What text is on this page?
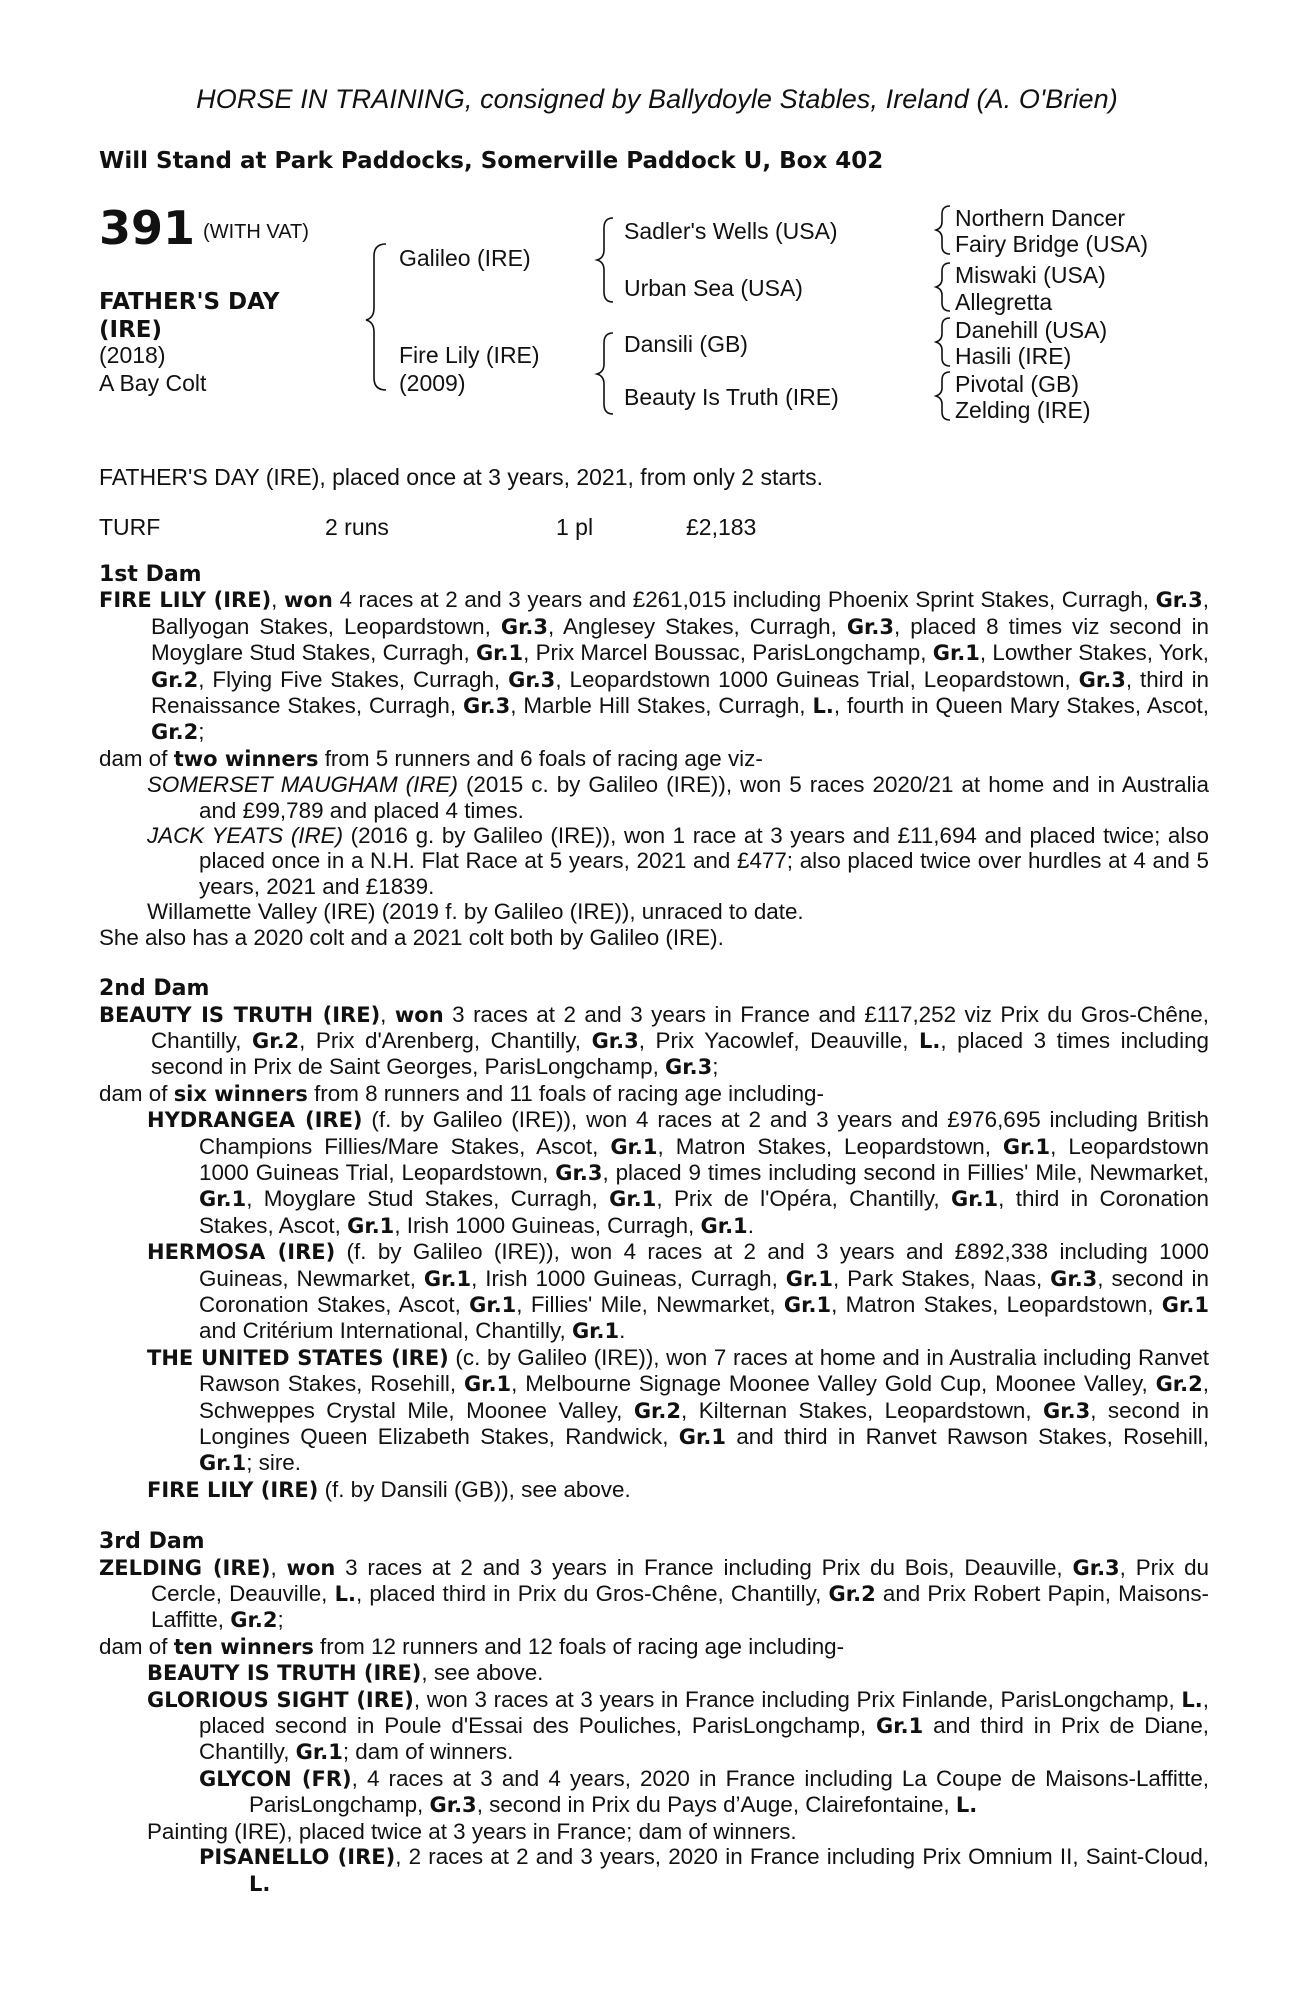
HORSE IN TRAINING, consigned by Ballydoyle Stables, Ireland (A. O'Brien)
Will Stand at Park Paddocks, Somerville Paddock U, Box 402
391 (WITH VAT)
FATHER'S DAY
(IRE)
(2018)
A Bay Colt
Galileo (IRE)
Fire Lily (IRE)
(2009)
Sadler's Wells (USA)
Urban Sea (USA)
Dansili (GB)
Beauty Is Truth (IRE)
Northern Dancer
Fairy Bridge (USA)
Miswaki (USA)
Allegretta
Danehill (USA)
Hasili (IRE)
Pivotal (GB)
Zelding (IRE)
FATHER'S DAY (IRE), placed once at 3 years, 2021, from only 2 starts.
TURF	2 runs	1 pl	£2,183
1st Dam

FIRE LILY (IRE), won 4 races at 2 and 3 years and £261,015 including Phoenix Sprint Stakes, Curragh, Gr.3, Ballyogan Stakes, Leopardstown, Gr.3, Anglesey Stakes, Curragh, Gr.3, placed 8 times viz second in Moyglare Stud Stakes, Curragh, Gr.1, Prix Marcel Boussac, ParisLongchamp, Gr.1, Lowther Stakes, York, Gr.2, Flying Five Stakes, Curragh, Gr.3, Leopardstown 1000 Guineas Trial, Leopardstown, Gr.3, third in Renaissance Stakes, Curragh, Gr.3, Marble Hill Stakes, Curragh, L., fourth in Queen Mary Stakes, Ascot, Gr.2;

dam of two winners from 5 runners and 6 foals of racing age viz-

SOMERSET MAUGHAM (IRE) (2015 c. by Galileo (IRE)), won 5 races 2020/21 at home and in Australia and £99,789 and placed 4 times.

JACK YEATS (IRE) (2016 g. by Galileo (IRE)), won 1 race at 3 years and £11,694 and placed twice; also placed once in a N.H. Flat Race at 5 years, 2021 and £477; also placed twice over hurdles at 4 and 5 years, 2021 and £1839.

Willamette Valley (IRE) (2019 f. by Galileo (IRE)), unraced to date.

She also has a 2020 colt and a 2021 colt both by Galileo (IRE).

2nd Dam

BEAUTY IS TRUTH (IRE), won 3 races at 2 and 3 years in France and £117,252 viz Prix du Gros-Chêne, Chantilly, Gr.2, Prix d'Arenberg, Chantilly, Gr.3, Prix Yacowlef, Deauville, L., placed 3 times including second in Prix de Saint Georges, ParisLongchamp, Gr.3;

dam of six winners from 8 runners and 11 foals of racing age including-

HYDRANGEA (IRE) (f. by Galileo (IRE)), won 4 races at 2 and 3 years and £976,695 including British Champions Fillies/Mare Stakes, Ascot, Gr.1, Matron Stakes, Leopardstown, Gr.1, Leopardstown 1000 Guineas Trial, Leopardstown, Gr.3, placed 9 times including second in Fillies' Mile, Newmarket, Gr.1, Moyglare Stud Stakes, Curragh, Gr.1, Prix de l'Opéra, Chantilly, Gr.1, third in Coronation Stakes, Ascot, Gr.1, Irish 1000 Guineas, Curragh, Gr.1.

HERMOSA (IRE) (f. by Galileo (IRE)), won 4 races at 2 and 3 years and £892,338 including 1000 Guineas, Newmarket, Gr.1, Irish 1000 Guineas, Curragh, Gr.1, Park Stakes, Naas, Gr.3, second in Coronation Stakes, Ascot, Gr.1, Fillies' Mile, Newmarket, Gr.1, Matron Stakes, Leopardstown, Gr.1 and Critérium International, Chantilly, Gr.1.

THE UNITED STATES (IRE) (c. by Galileo (IRE)), won 7 races at home and in Australia including Ranvet Rawson Stakes, Rosehill, Gr.1, Melbourne Signage Moonee Valley Gold Cup, Moonee Valley, Gr.2, Schweppes Crystal Mile, Moonee Valley, Gr.2, Kilternan Stakes, Leopardstown, Gr.3, second in Longines Queen Elizabeth Stakes, Randwick, Gr.1 and third in Ranvet Rawson Stakes, Rosehill, Gr.1; sire.

FIRE LILY (IRE) (f. by Dansili (GB)), see above.

3rd Dam

ZELDING (IRE), won 3 races at 2 and 3 years in France including Prix du Bois, Deauville, Gr.3, Prix du Cercle, Deauville, L., placed third in Prix du Gros-Chêne, Chantilly, Gr.2 and Prix Robert Papin, Maisons-Laffitte, Gr.2;

dam of ten winners from 12 runners and 12 foals of racing age including-

BEAUTY IS TRUTH (IRE), see above.

GLORIOUS SIGHT (IRE), won 3 races at 3 years in France including Prix Finlande, ParisLongchamp, L., placed second in Poule d'Essai des Pouliches, ParisLongchamp, Gr.1 and third in Prix de Diane, Chantilly, Gr.1; dam of winners.

GLYCON (FR), 4 races at 3 and 4 years, 2020 in France including La Coupe de Maisons-Laffitte, ParisLongchamp, Gr.3, second in Prix du Pays d’Auge, Clairefontaine, L.

Painting (IRE), placed twice at 3 years in France; dam of winners.

PISANELLO (IRE), 2 races at 2 and 3 years, 2020 in France including Prix Omnium II, Saint-Cloud, L.
